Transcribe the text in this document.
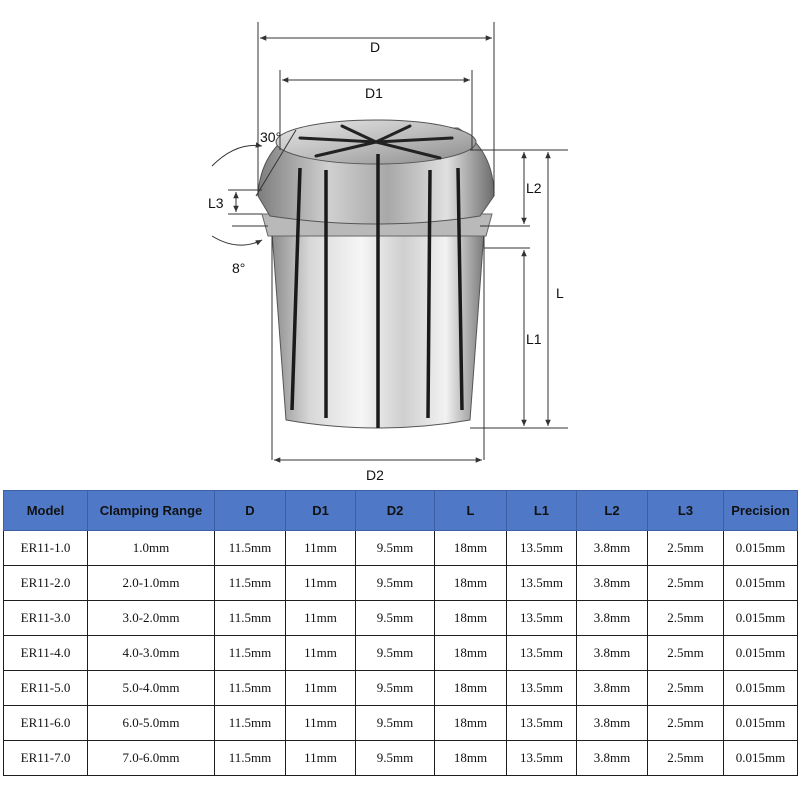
D
D1
D2
L
L1
L2
L3
30°
8°
Model	Clamping Range	D	D1	D2	L	L1	L2	L3	Precision
ER11-1.0	1.0mm	11.5mm	11mm	9.5mm	18mm	13.5mm	3.8mm	2.5mm	0.015mm
ER11-2.0	2.0-1.0mm	11.5mm	11mm	9.5mm	18mm	13.5mm	3.8mm	2.5mm	0.015mm
ER11-3.0	3.0-2.0mm	11.5mm	11mm	9.5mm	18mm	13.5mm	3.8mm	2.5mm	0.015mm
ER11-4.0	4.0-3.0mm	11.5mm	11mm	9.5mm	18mm	13.5mm	3.8mm	2.5mm	0.015mm
ER11-5.0	5.0-4.0mm	11.5mm	11mm	9.5mm	18mm	13.5mm	3.8mm	2.5mm	0.015mm
ER11-6.0	6.0-5.0mm	11.5mm	11mm	9.5mm	18mm	13.5mm	3.8mm	2.5mm	0.015mm
ER11-7.0	7.0-6.0mm	11.5mm	11mm	9.5mm	18mm	13.5mm	3.8mm	2.5mm	0.015mm
